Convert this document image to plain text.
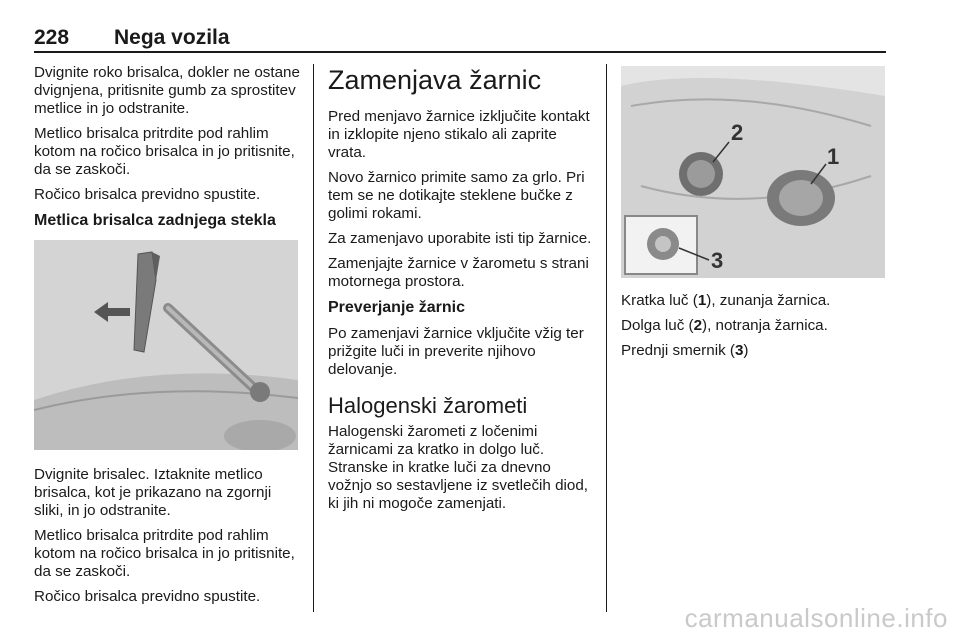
228 Nega vozila

Dvignite roko brisalca, dokler ne ostane dvignjena, pritisnite gumb za sprostitev metlice in jo odstranite.

Metlico brisalca pritrdite pod rahlim kotom na ročico brisalca in jo pritisnite, da se zaskoči.

Ročico brisalca previdno spustite.

Metlica brisalca zadnjega stekla

Dvignite brisalec. Iztaknite metlico brisalca, kot je prikazano na zgornji sliki, in jo odstranite.

Metlico brisalca pritrdite pod rahlim kotom na ročico brisalca in jo pritisnite, da se zaskoči.

Ročico brisalca previdno spustite.

Zamenjava žarnic

Pred menjavo žarnice izključite kontakt in izklopite njeno stikalo ali zaprite vrata.

Novo žarnico primite samo za grlo. Pri tem se ne dotikajte steklene bučke z golimi rokami.

Za zamenjavo uporabite isti tip žarnice.

Zamenjajte žarnice v žarometu s strani motornega prostora.

Preverjanje žarnic

Po zamenjavi žarnice vključite vžig ter prižgite luči in preverite njihovo delovanje.

Halogenski žarometi

Halogenski žarometi z ločenimi žarnicami za kratko in dolgo luč. Stranske in kratke luči za dnevno vožnjo so sestavljene iz svetlečih diod, ki jih ni mogoče zamenjati.

2
1
3

Kratka luč (1), zunanja žarnica.

Dolga luč (2), notranja žarnica.

Prednji smernik (3)

carmanualsonline.info
